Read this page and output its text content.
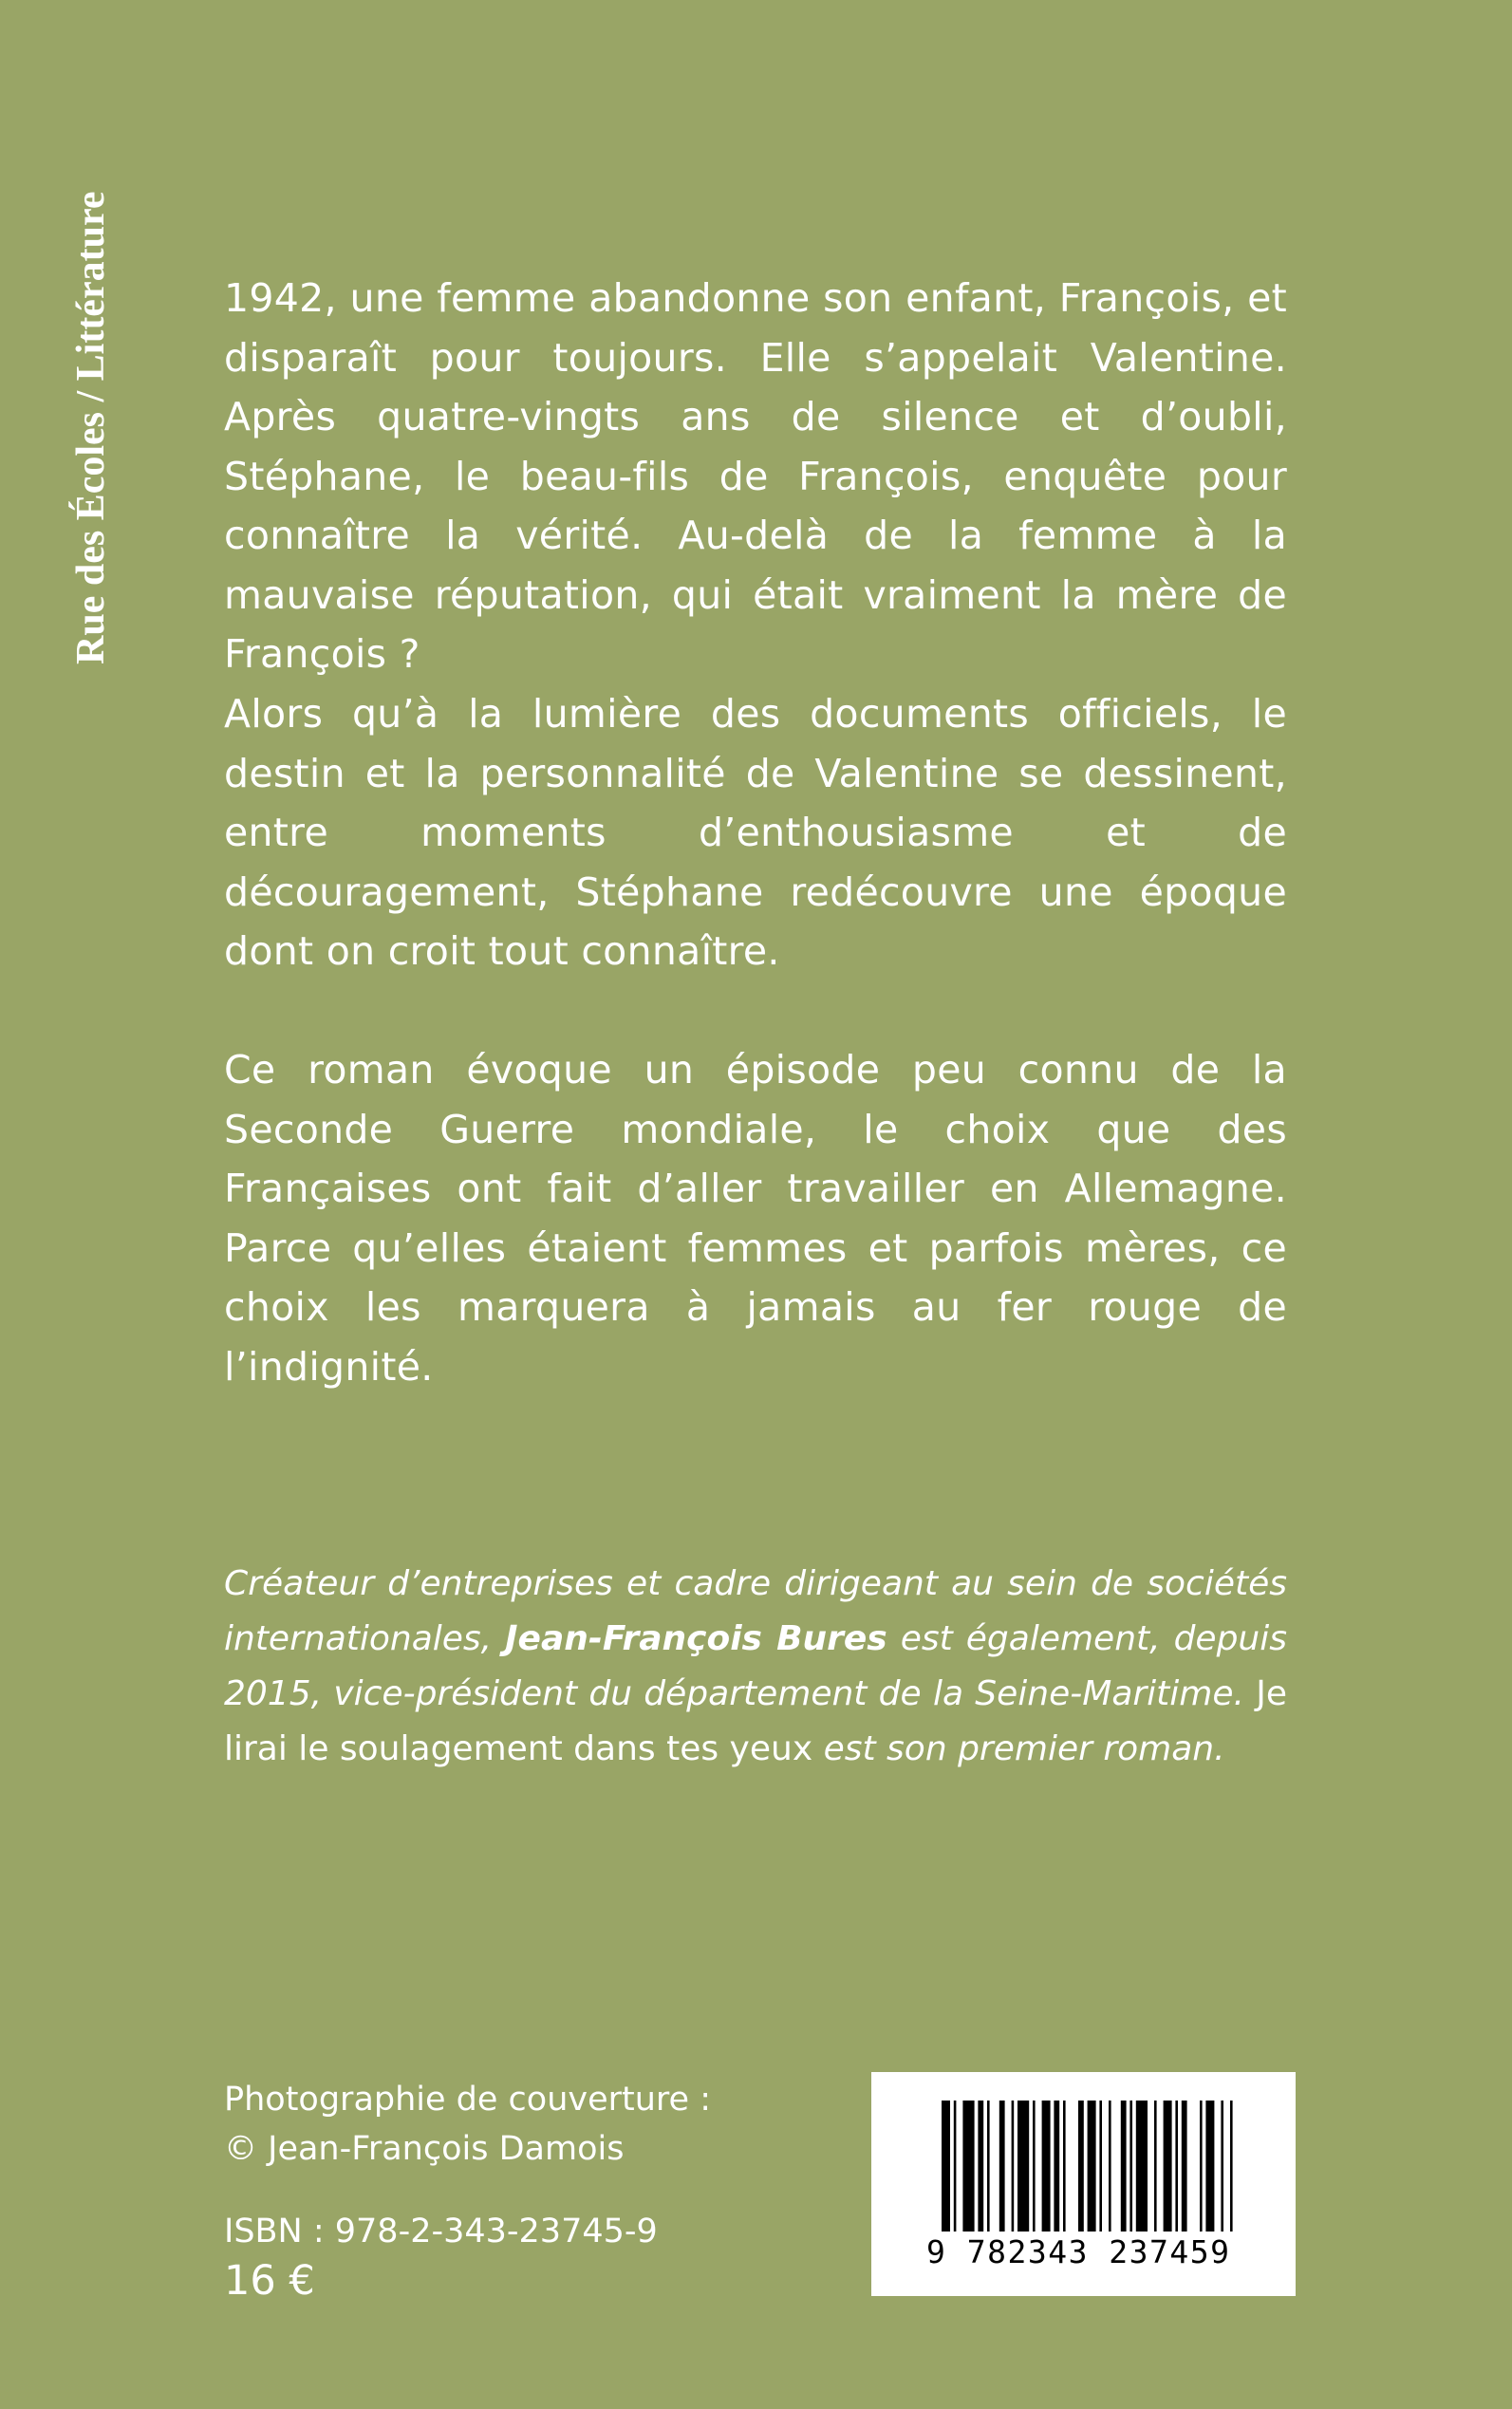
Rue des Écoles / Littérature	1942, une femme abandonne son enfant, François, et disparaît pour toujours. Elle s’appelait Valentine. Après quatre-vingts ans de silence et d’oubli, Stéphane, le beau-fils de François, enquête pour connaître la vérité. Au-delà de la femme à la mauvaise réputation, qui était vraiment la mère de François ?

Alors qu’à la lumière des documents officiels, le destin et la personnalité de Valentine se dessinent, entre moments d’enthousiasme et de découragement, Stéphane redécouvre une époque dont on croit tout connaître.

Ce roman évoque un épisode peu connu de la Seconde Guerre mondiale, le choix que des Françaises ont fait d’aller travailler en Allemagne. Parce qu’elles étaient femmes et parfois mères, ce choix les marquera à jamais au fer rouge de l’indignité.

Créateur d’entreprises et cadre dirigeant au sein de sociétés internationales, Jean-François Bures est également, depuis 2015, vice-président du département de la Seine-Maritime. Je lirai le soulagement dans tes yeux est son premier roman.
Photographie de couverture :
© Jean-François Damois
ISBN : 978-2-343-23745-9
16 €
9 782343 237459
